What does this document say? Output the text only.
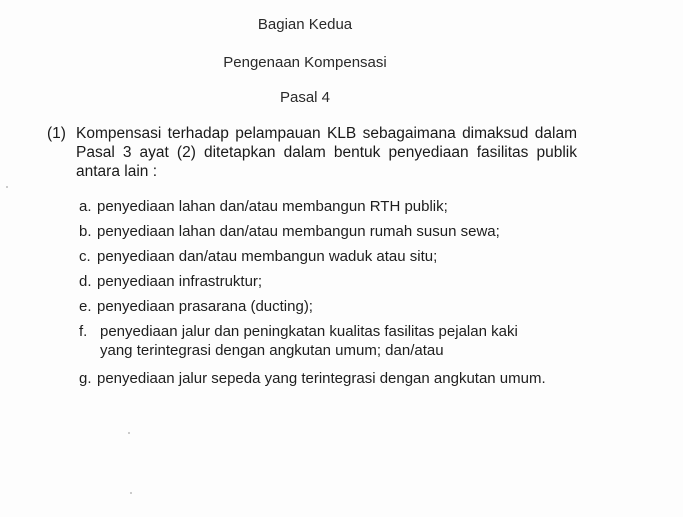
Bagian Kedua
Pengenaan Kompensasi
Pasal 4
(1) Kompensasi terhadap pelampauan KLB sebagaimana dimaksud dalam Pasal 3 ayat (2) ditetapkan dalam bentuk penyediaan fasilitas publik antara lain :
a. penyediaan lahan dan/atau membangun RTH publik;
b. penyediaan lahan dan/atau membangun rumah susun sewa;
c. penyediaan dan/atau membangun waduk atau situ;
d. penyediaan infrastruktur;
e. penyediaan prasarana (ducting);
f. penyediaan jalur dan peningkatan kualitas fasilitas pejalan kaki
yang terintegrasi dengan angkutan umum; dan/atau
g. penyediaan jalur sepeda yang terintegrasi dengan angkutan umum.
